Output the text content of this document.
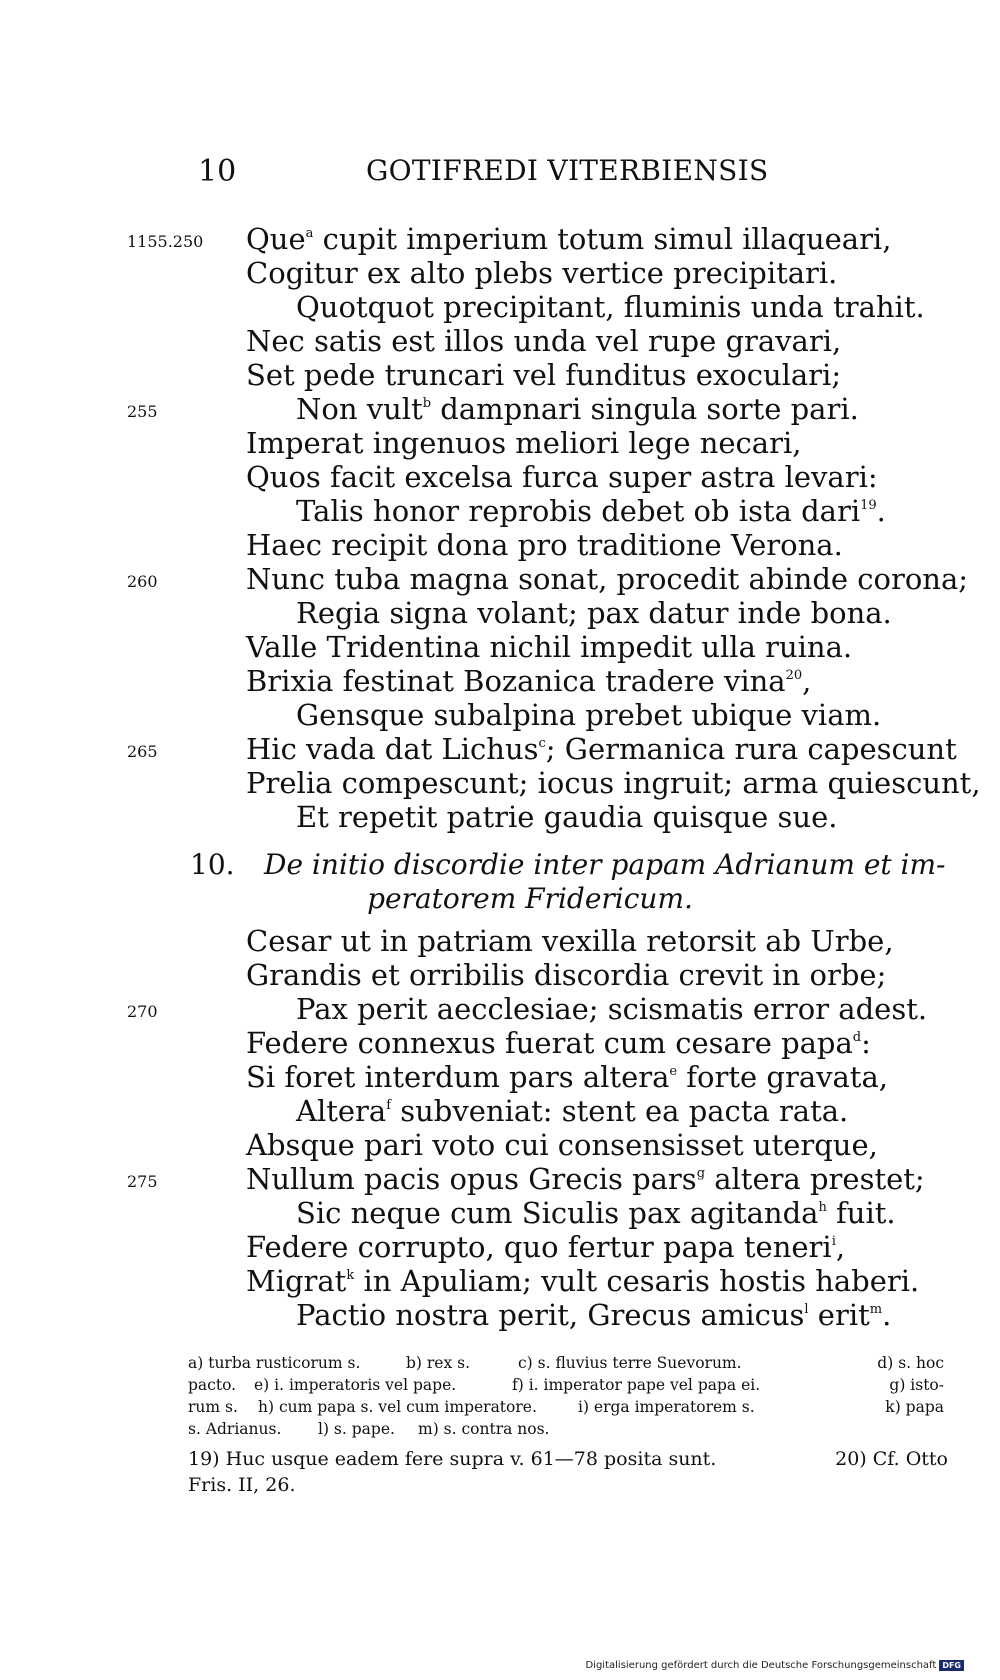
10	GOTIFREDI VITERBIENSIS
1155.250 Que$^a$ cupit imperium totum simul illaqueari,
Cogitur ex alto plebs vertice precipitari.
Quotquot precipitant, fluminis unda trahit.
Nec satis est illos unda vel rupe gravari,
Set pede truncari vel funditus exoculari;
255	Non vult$^b$ dampnari singula sorte pari.
Imperat ingenuos meliori lege necari,
Quos facit excelsa furca super astra levari:
Talis honor reprobis debet ob ista dari$^{19}$.
Haec recipit dona pro traditione Verona.
260	Nunc tuba magna sonat, procedit abinde corona;
Regia signa volant; pax datur inde bona.
Valle Tridentina nichil impedit ulla ruina.
Brixia festinat Bozanica tradere vina$^{20}$,
Gensque subalpina prebet ubique viam.
265	Hic vada dat Lichus$^c$; Germanica rura capescunt
Prelia compescunt; iocus ingruit; arma quiescunt,
Et repetit patrie gaudia quisque sue.
10. De initio discordie inter papam Adrianum et im-
peratorem Fridericum.
Cesar ut in patriam vexilla retorsit ab Urbe,
Grandis et orribilis discordia crevit in orbe;
270	Pax perit aecclesiae; scismatis error adest.
Federe connexus fuerat cum cesare papa$^d$:
Si foret interdum pars altera$^e$ forte gravata,
Altera$^f$ subveniat: stent ea pacta rata.
Absque pari voto cui consensisset uterque,
275	Nullum pacis opus Grecis pars$^g$ altera prestet;
Sic neque cum Siculis pax agitanda$^h$ fuit.
Federe corrupto, quo fertur papa teneri$^i$,
Migrat$^k$ in Apuliam; vult cesaris hostis haberi.
Pactio nostra perit, Grecus amicus$^l$ erit$^m$.
a) turba rusticorum s.	b) rex s.	c) s. fluvius terre Suevorum.	d) s. hoc
pacto. e) i. imperatoris vel pape.	f) i. imperator pape vel papa ei.	g) isto-
rum s. h) cum papa s. vel cum imperatore.	i) erga imperatorem s.	k) papa
s. Adrianus. l) s. pape. m) s. contra nos.
19) Huc usque eadem fere supra v. 61—78 posita sunt.	20) Cf. Otto
Fris. II, 26.
Digitalisierung gefördert durch die Deutsche Forschungsgemeinschaft DFG
